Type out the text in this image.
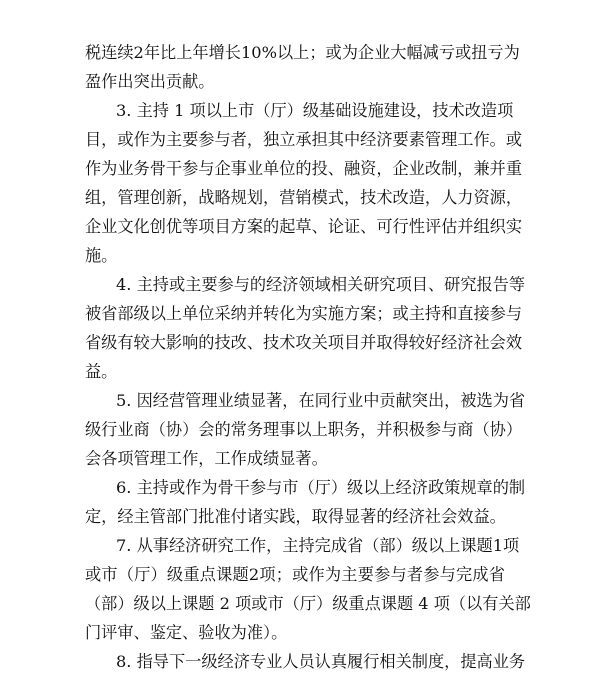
税连续2年比上年增长10%以上；或为企业大幅减亏或扭亏为
盈作出突出贡献。
3. 主持 1 项以上市（厅）级基础设施建设，技术改造项
目，或作为主要参与者，独立承担其中经济要素管理工作。或
作为业务骨干参与企事业单位的投、融资，企业改制，兼并重
组，管理创新，战略规划，营销模式，技术改造，人力资源，
企业文化创优等项目方案的起草、论证、可行性评估并组织实
施。
4. 主持或主要参与的经济领域相关研究项目、研究报告等
被省部级以上单位采纳并转化为实施方案；或主持和直接参与
省级有较大影响的技改、技术攻关项目并取得较好经济社会效
益。
5. 因经营管理业绩显著，在同行业中贡献突出，被选为省
级行业商（协）会的常务理事以上职务，并积极参与商（协）
会各项管理工作，工作成绩显著。
6. 主持或作为骨干参与市（厅）级以上经济政策规章的制
定，经主管部门批准付诸实践，取得显著的经济社会效益。
7. 从事经济研究工作，主持完成省（部）级以上课题1项
或市（厅）级重点课题2项；或作为主要参与者参与完成省
（部）级以上课题 2 项或市（厅）级重点课题 4 项（以有关部
门评审、鉴定、验收为准）。
8. 指导下一级经济专业人员认真履行相关制度，提高业务
